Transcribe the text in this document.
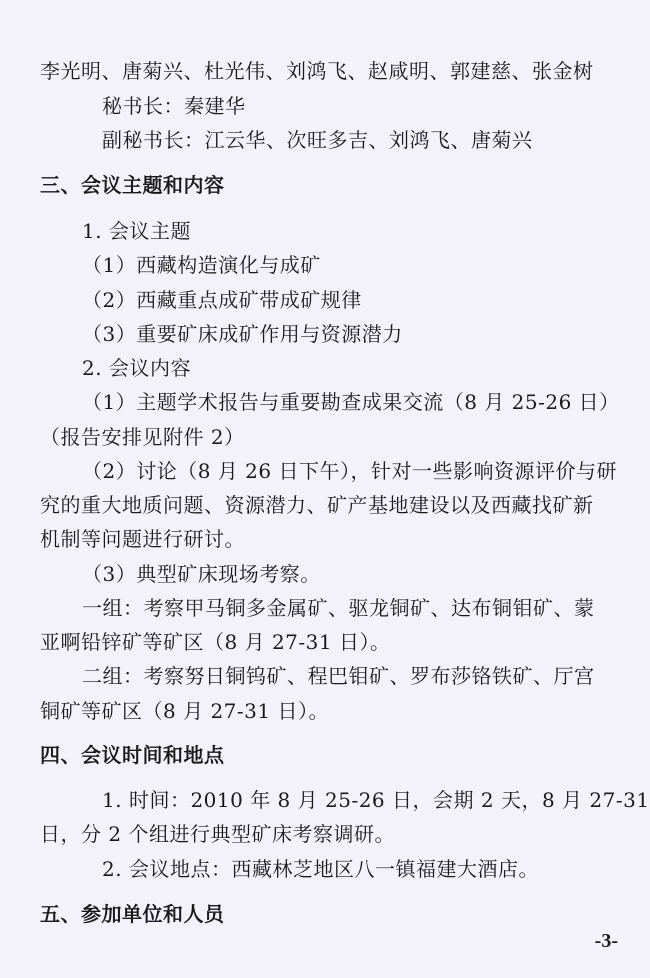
李光明、唐菊兴、杜光伟、刘鸿飞、赵咸明、郭建慈、张金树
秘书长：秦建华
副秘书长：江云华、次旺多吉、刘鸿飞、唐菊兴
三、会议主题和内容
1. 会议主题
（1）西藏构造演化与成矿
（2）西藏重点成矿带成矿规律
（3）重要矿床成矿作用与资源潜力
2. 会议内容
（1）主题学术报告与重要勘查成果交流（8 月 25-26 日）
（报告安排见附件 2）
（2）讨论（8 月 26 日下午），针对一些影响资源评价与研
究的重大地质问题、资源潜力、矿产基地建设以及西藏找矿新
机制等问题进行研讨。
（3）典型矿床现场考察。
一组：考察甲马铜多金属矿、驱龙铜矿、达布铜钼矿、蒙
亚啊铅锌矿等矿区（8 月 27-31 日）。
二组：考察努日铜钨矿、程巴钼矿、罗布莎铬铁矿、厅宫
铜矿等矿区（8 月 27-31 日）。
四、会议时间和地点
1. 时间：2010 年 8 月 25-26 日，会期 2 天，8 月 27-31
日，分 2 个组进行典型矿床考察调研。
2. 会议地点：西藏林芝地区八一镇福建大酒店。
五、参加单位和人员
-3-
